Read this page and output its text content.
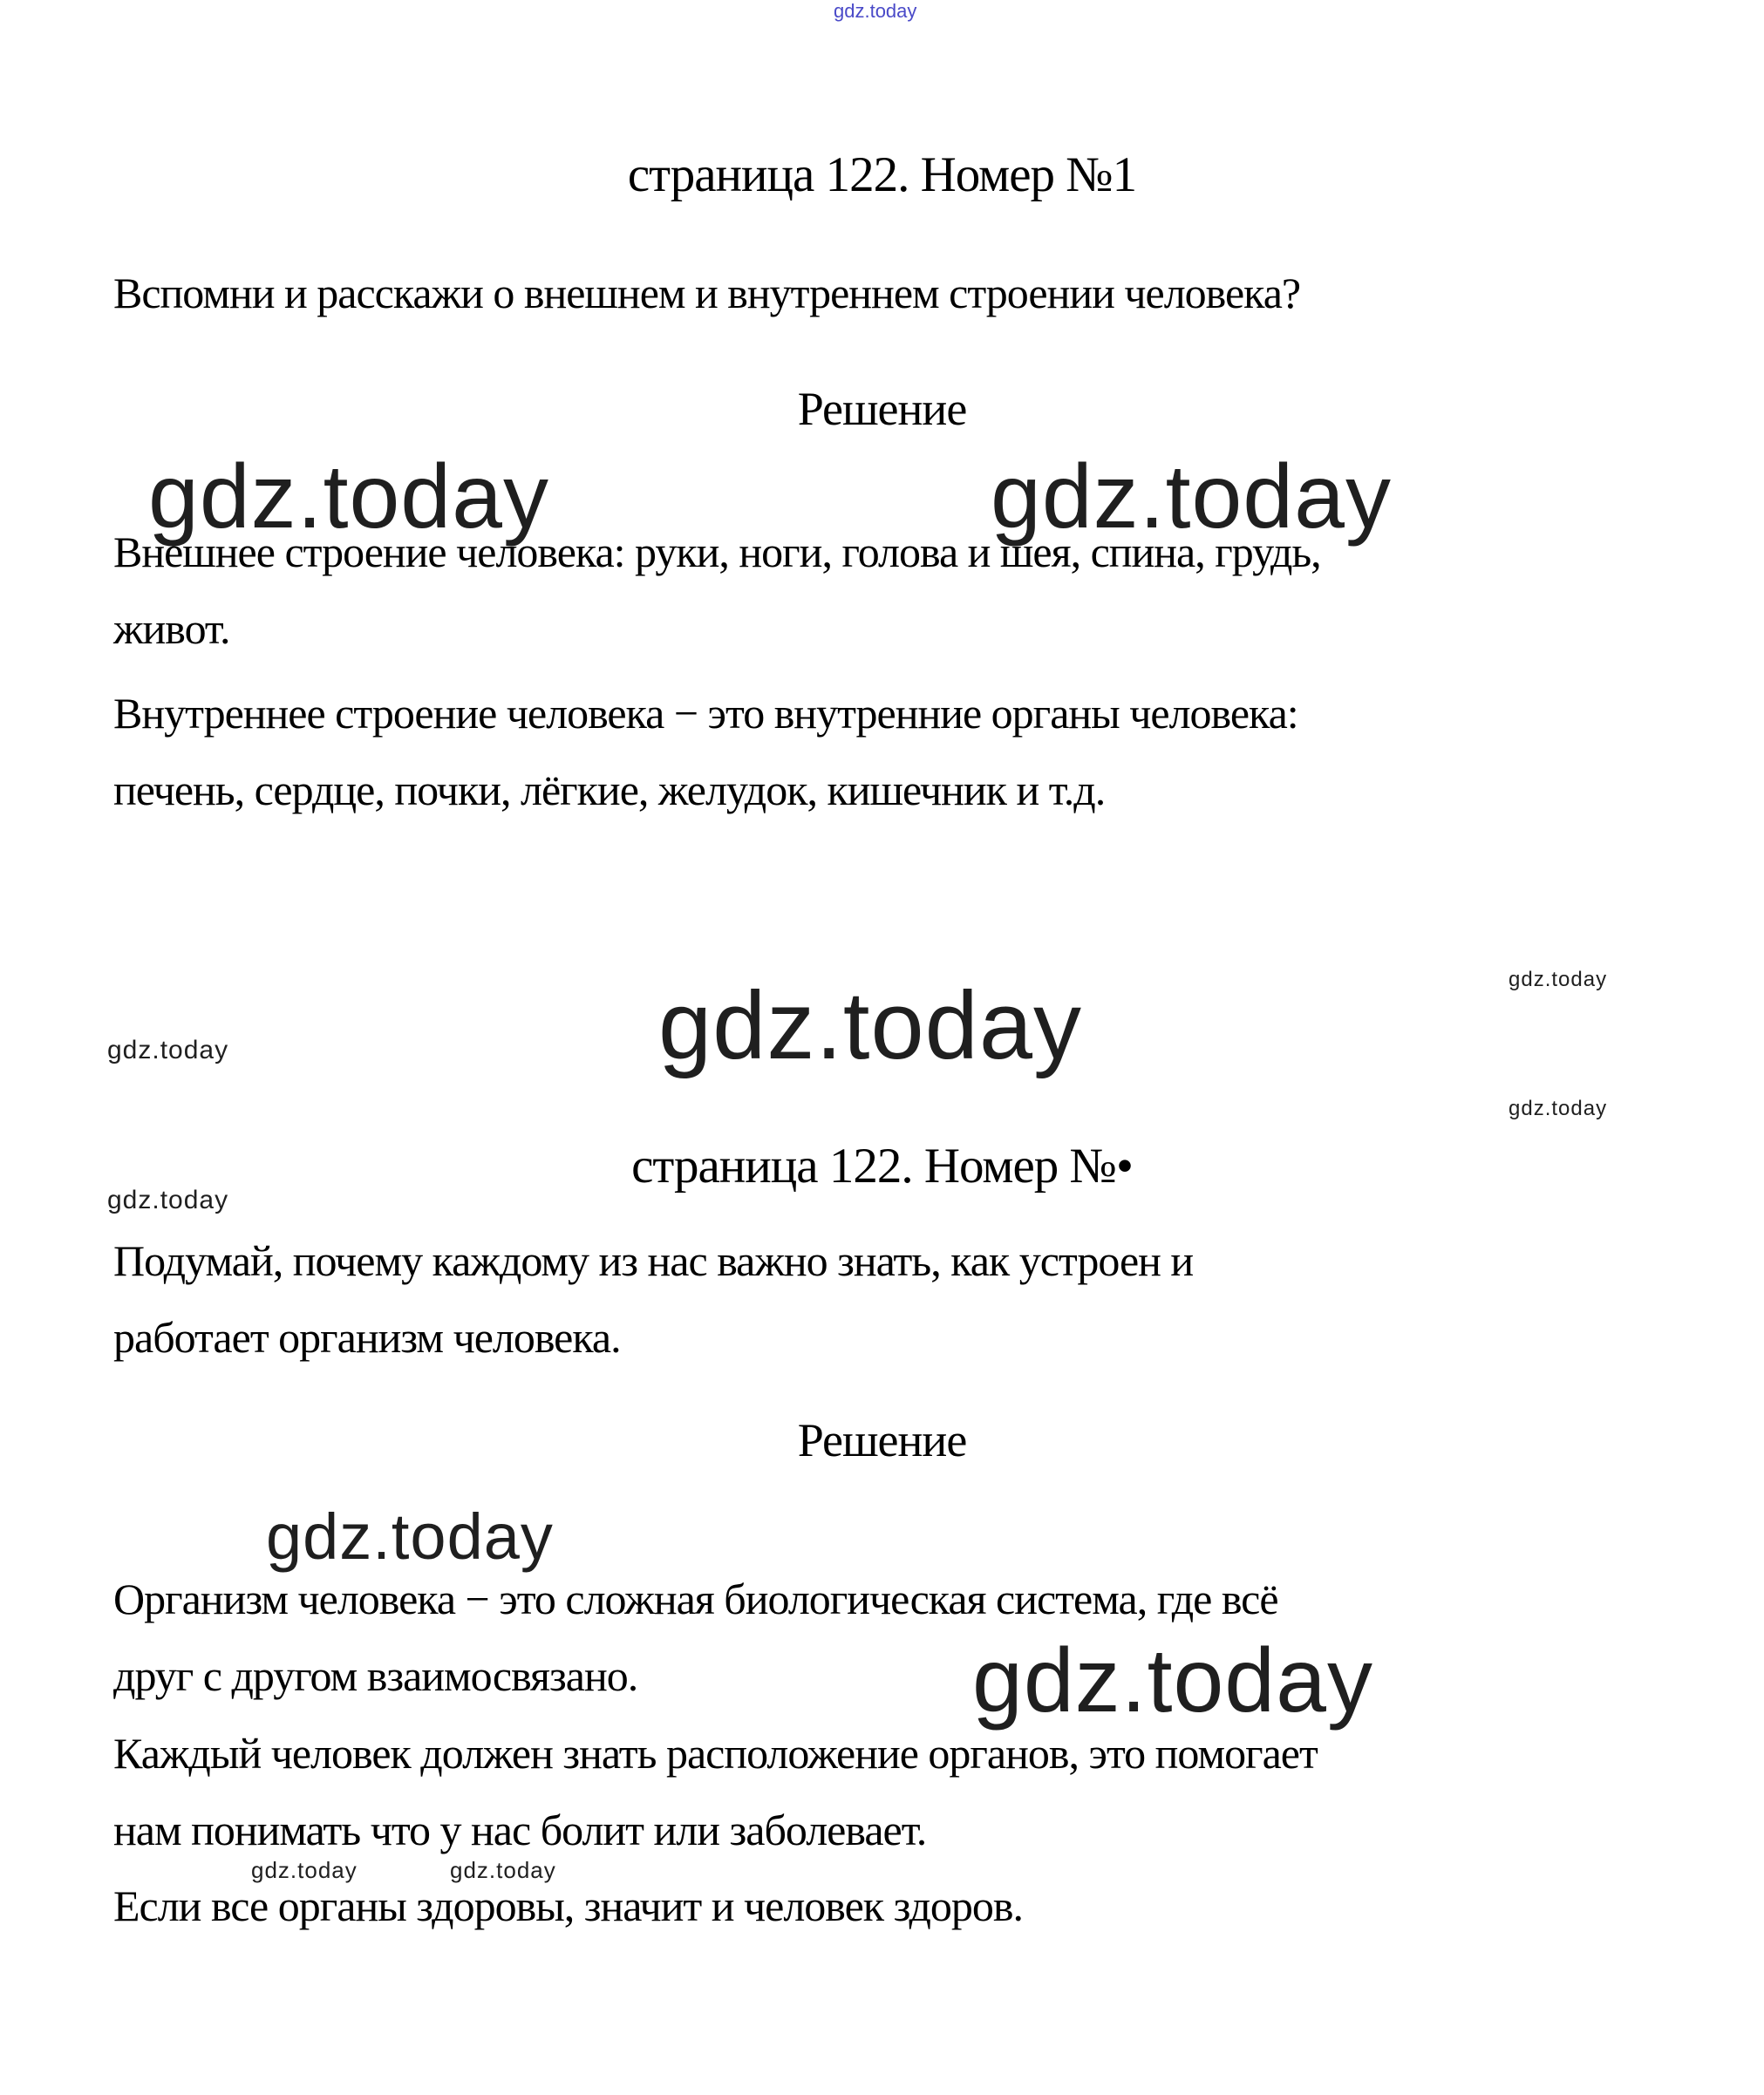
gdz.today
gdz.today	gdz.today
gdz.today
gdz.today
gdz.today
gdz.today
gdz.today
gdz.today
gdz.today
gdz.today	gdz.today
страница 122. Номер №1
Вспомни и расскажи о внешнем и внутреннем строении человека?
Решение
Внешнее строение человека: руки, ноги, голова и шея, спина, грудь,
живот.
Внутреннее строение человека − это внутренние органы человека:
печень, сердце, почки, лёгкие, желудок, кишечник и т.д.
страница 122. Номер №•
Подумай, почему каждому из нас важно знать, как устроен и
работает организм человека.
Решение
Организм человека − это сложная биологическая система, где всё
друг с другом взаимосвязано.
Каждый человек должен знать расположение органов, это помогает
нам понимать что у нас болит или заболевает.
Если все органы здоровы, значит и человек здоров.
